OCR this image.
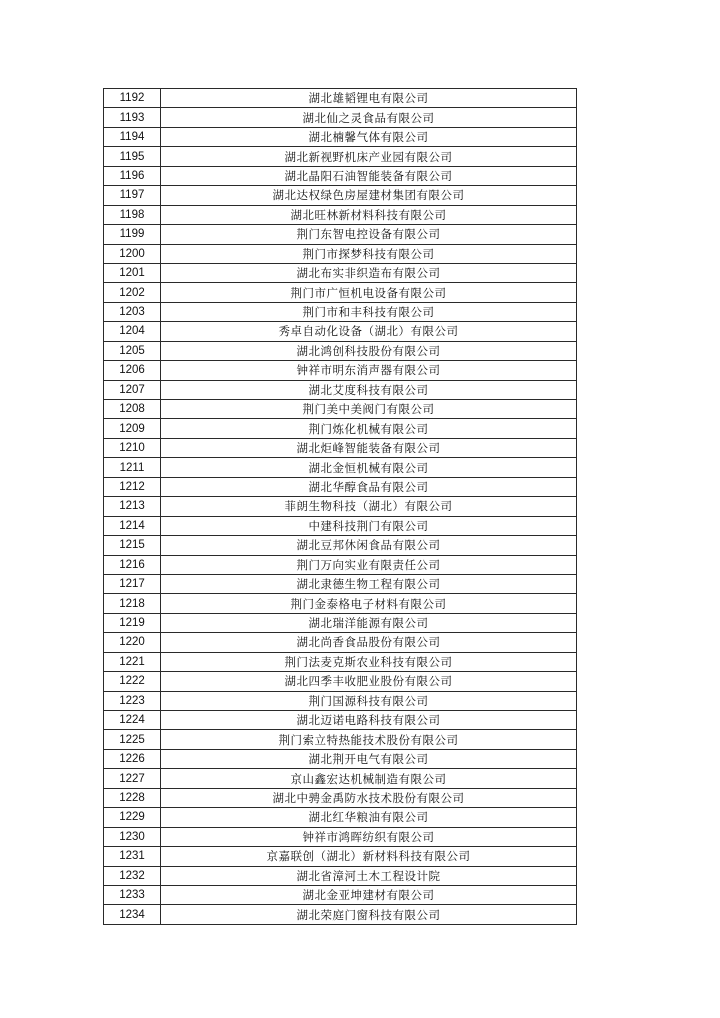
1192	湖北雄韬锂电有限公司
1193	湖北仙之灵食品有限公司
1194	湖北楠馨气体有限公司
1195	湖北新视野机床产业园有限公司
1196	湖北晶阳石油智能装备有限公司
1197	湖北达权绿色房屋建材集团有限公司
1198	湖北旺林新材料科技有限公司
1199	荆门东智电控设备有限公司
1200	荆门市探梦科技有限公司
1201	湖北布实非织造布有限公司
1202	荆门市广恒机电设备有限公司
1203	荆门市和丰科技有限公司
1204	秀卓自动化设备（湖北）有限公司
1205	湖北鸿创科技股份有限公司
1206	钟祥市明东消声器有限公司
1207	湖北艾度科技有限公司
1208	荆门美中美阀门有限公司
1209	荆门炼化机械有限公司
1210	湖北炬峰智能装备有限公司
1211	湖北金恒机械有限公司
1212	湖北华醇食品有限公司
1213	菲朗生物科技（湖北）有限公司
1214	中建科技荆门有限公司
1215	湖北豆邦休闲食品有限公司
1216	荆门万向实业有限责任公司
1217	湖北隶德生物工程有限公司
1218	荆门金泰格电子材料有限公司
1219	湖北瑞洋能源有限公司
1220	湖北尚香食品股份有限公司
1221	荆门法麦克斯农业科技有限公司
1222	湖北四季丰收肥业股份有限公司
1223	荆门国源科技有限公司
1224	湖北迈诺电路科技有限公司
1225	荆门索立特热能技术股份有限公司
1226	湖北荆开电气有限公司
1227	京山鑫宏达机械制造有限公司
1228	湖北中骋金禹防水技术股份有限公司
1229	湖北红华粮油有限公司
1230	钟祥市鸿晖纺织有限公司
1231	京嘉联创（湖北）新材料科技有限公司
1232	湖北省漳河土木工程设计院
1233	湖北金亚坤建材有限公司
1234	湖北荣庭门窗科技有限公司
